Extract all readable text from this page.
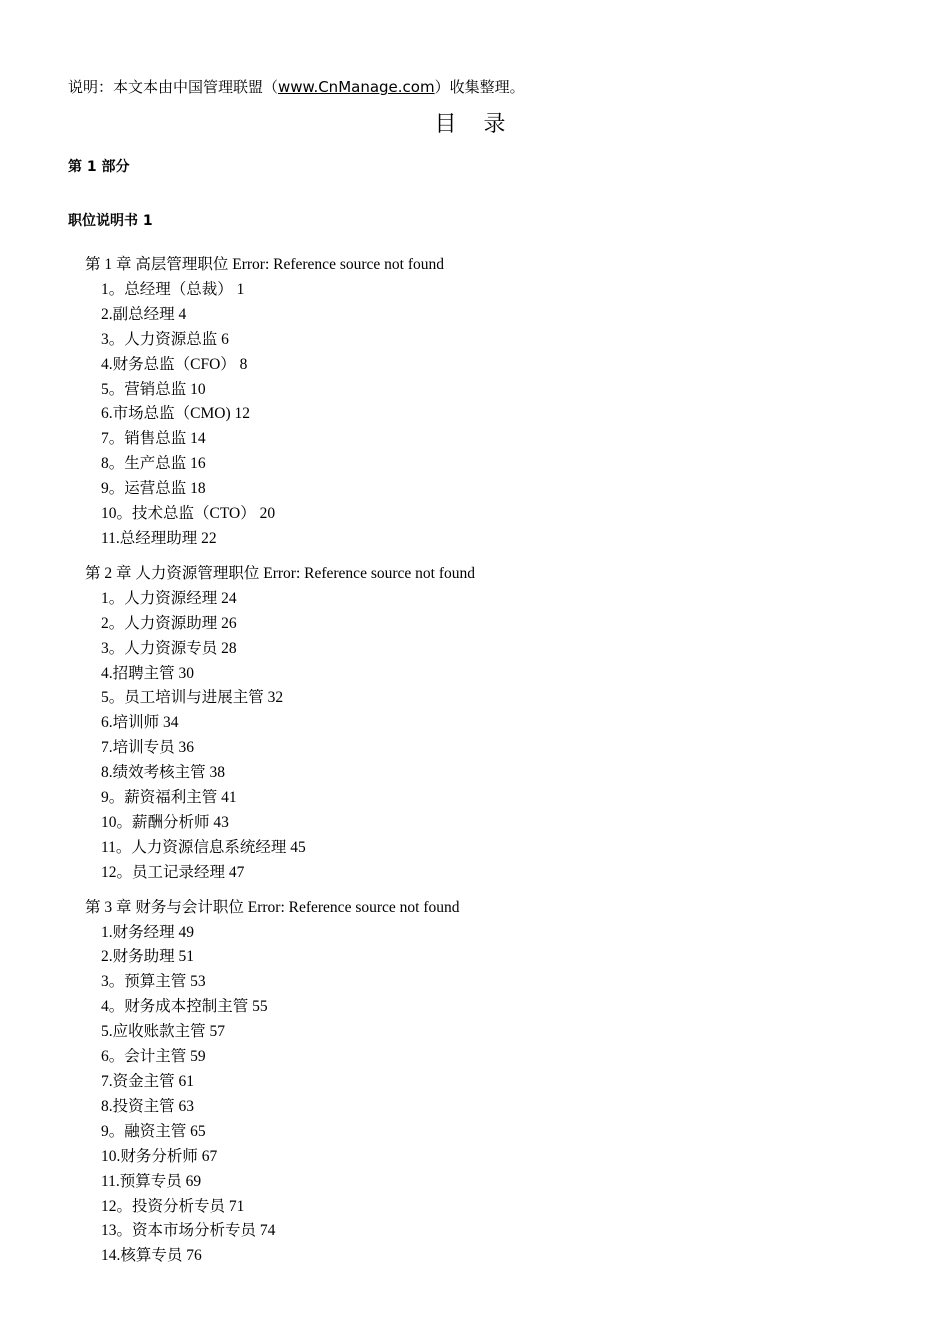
说明：本文本由中国管理联盟（www.CnManage.com）收集整理。
目 录
第 1 部分
职位说明书 1
第 1 章 高层管理职位 Error: Reference source not found
1。总经理（总裁） 1
2.副总经理 4
3。人力资源总监 6
4.财务总监（CFO） 8
5。营销总监 10
6.市场总监（CMO) 12
7。销售总监 14
8。生产总监 16
9。运营总监 18
10。技术总监（CTO） 20
11.总经理助理 22
第 2 章 人力资源管理职位 Error: Reference source not found
1。人力资源经理 24
2。人力资源助理 26
3。人力资源专员 28
4.招聘主管 30
5。员工培训与进展主管 32
6.培训师 34
7.培训专员 36
8.绩效考核主管 38
9。薪资福利主管 41
10。薪酬分析师 43
11。人力资源信息系统经理 45
12。员工记录经理 47
第 3 章 财务与会计职位 Error: Reference source not found
1.财务经理 49
2.财务助理 51
3。预算主管 53
4。财务成本控制主管 55
5.应收账款主管 57
6。会计主管 59
7.资金主管 61
8.投资主管 63
9。融资主管 65
10.财务分析师 67
11.预算专员 69
12。投资分析专员 71
13。资本市场分析专员 74
14.核算专员 76
